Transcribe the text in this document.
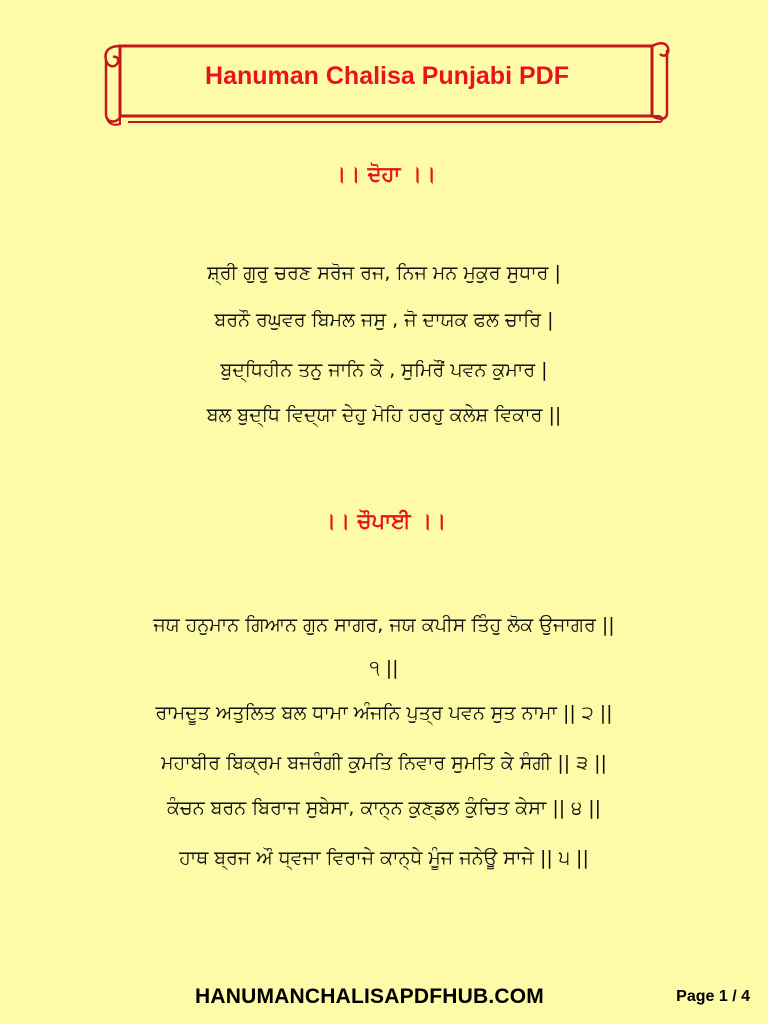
Hanuman Chalisa Punjabi PDF
।। ਦੋਹਾ ।।
ਸ਼੍ਰੀ ਗੁਰੁ ਚਰਣ ਸਰੋਜ ਰਜ, ਨਿਜ ਮਨ ਮੁਕੁਰ ਸੁਧਾਰ |
ਬਰਨੌ ਰਘੁਵਰ ਬਿਮਲ ਜਸੁ , ਜੋ ਦਾਯਕ ਫਲ ਚਾਰਿ |
ਬੁਦ੍ਧਿਹੀਨ ਤਨੁ ਜਾਨਿ ਕੇ , ਸੁਮਿਰੌਂ ਪਵਨ ਕੁਮਾਰ |
ਬਲ ਬੁਦ੍ਧਿ ਵਿਦ੍ਯਾ ਦੇਹੁ ਮੋਹਿ ਹਰਹੁ ਕਲੇਸ਼ ਵਿਕਾਰ ||
।। ਚੌਪਾਈ ।।
ਜਯ ਹਨੁਮਾਨ ਗਿਆਨ ਗੁਨ ਸਾਗਰ, ਜਯ ਕਪੀਸ ਤਿੰਹੁ ਲੋਕ ਉਜਾਗਰ ||
੧ ||
ਰਾਮਦੂਤ ਅਤੁਲਿਤ ਬਲ ਧਾਮਾ ਅੰਜਨਿ ਪੁਤ੍ਰ ਪਵਨ ਸੁਤ ਨਾਮਾ || ੨ ||
ਮਹਾਬੀਰ ਬਿਕ੍ਰਮ ਬਜਰੰਗੀ ਕੁਮਤਿ ਨਿਵਾਰ ਸੁਮਤਿ ਕੇ ਸੰਗੀ || ੩ ||
ਕੰਚਨ ਬਰਨ ਬਿਰਾਜ ਸੁਬੇਸਾ, ਕਾਨ੍ਨ ਕੁਣ੍ਡਲ ਕੁੰਚਿਤ ਕੇਸਾ || ੪ ||
ਹਾਥ ਬ੍ਰਜ ਔ ਧ੍ਵਜਾ ਵਿਰਾਜੇ ਕਾਨ੍ਧੇ ਮੂੰਜ ਜਨੇਊ ਸਾਜੇ || ੫ ||
HANUMANCHALISAPDFHUB.COM	Page 1 / 4
